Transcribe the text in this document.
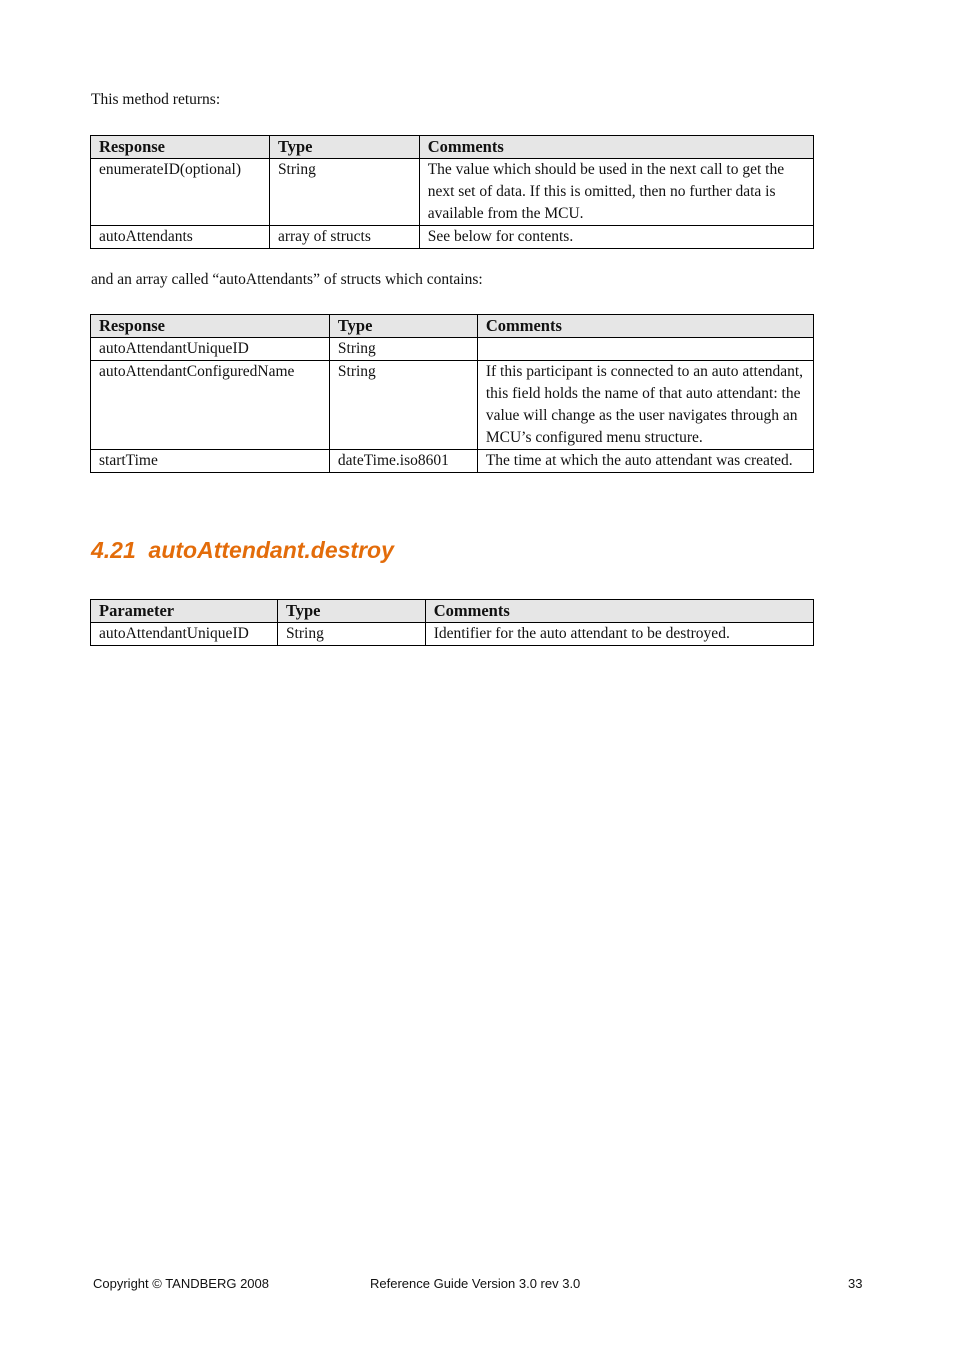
This method returns:

Response	Type	Comments
enumerateID(optional)	String	The value which should be used in the next call to get the next set of data. If this is omitted, then no further data is available from the MCU.
autoAttendants	array of structs	See below for contents.

and an array called “autoAttendants” of structs which contains:

Response	Type	Comments
autoAttendantUniqueID	String	
autoAttendantConfiguredName	String	If this participant is connected to an auto attendant, this field holds the name of that auto attendant: the value will change as the user navigates through an MCU’s configured menu structure.
startTime	dateTime.iso8601	The time at which the auto attendant was created.
4.21 autoAttendant.destroy
Parameter	Type	Comments
autoAttendantUniqueID	String	Identifier for the auto attendant to be destroyed.
Copyright © TANDBERG 2008	Reference Guide Version 3.0 rev 3.0	33
